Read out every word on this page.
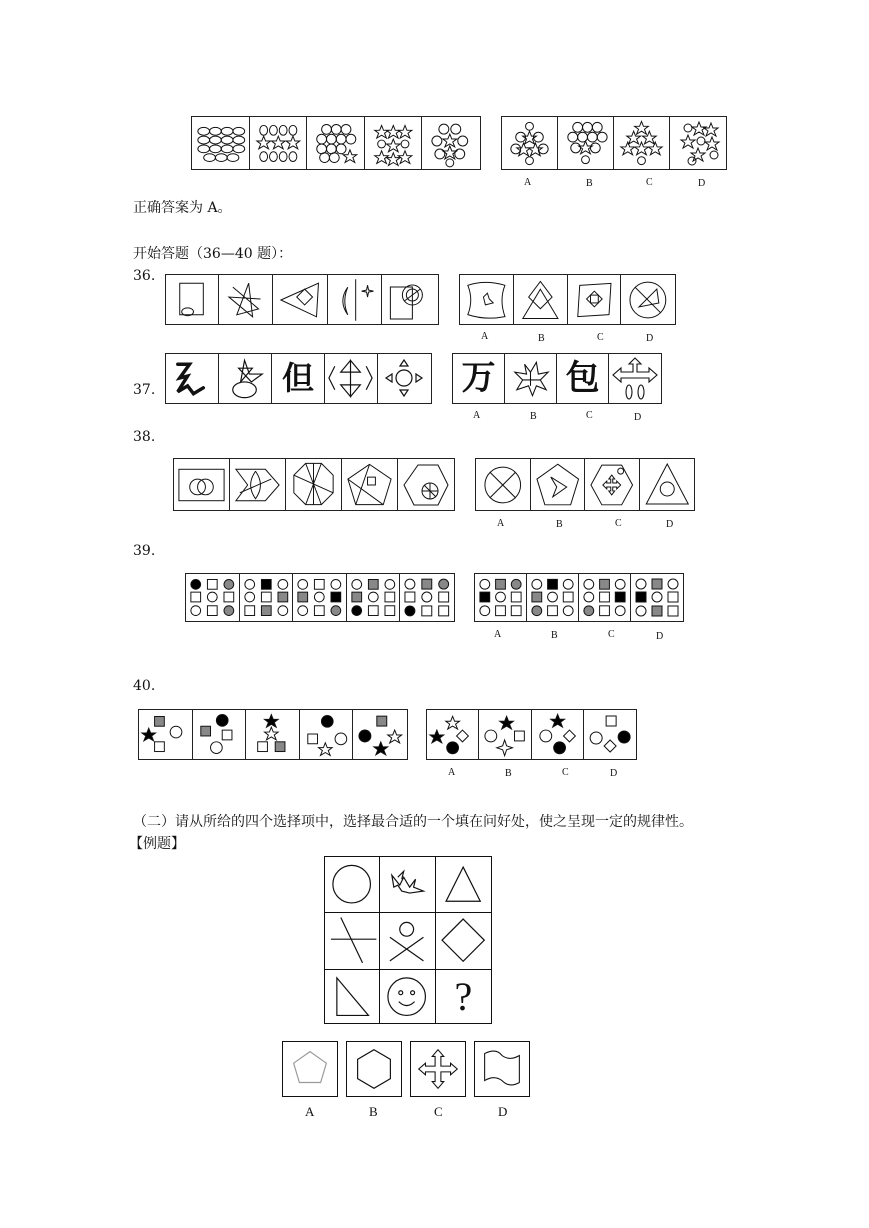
A	B	C	D
正确答案为 A。
开始答题（36—40 题）：
36.
A	B	C	D
37.	但	万 包
A	B	C	D
38.
A	B	C	D
39.
A	B	C	D
40.
A	B	C	D
（二）请从所给的四个选择项中，选择最合适的一个填在问好处，使之呈现一定的规律性。
【例题】
?
A	B	C	D
